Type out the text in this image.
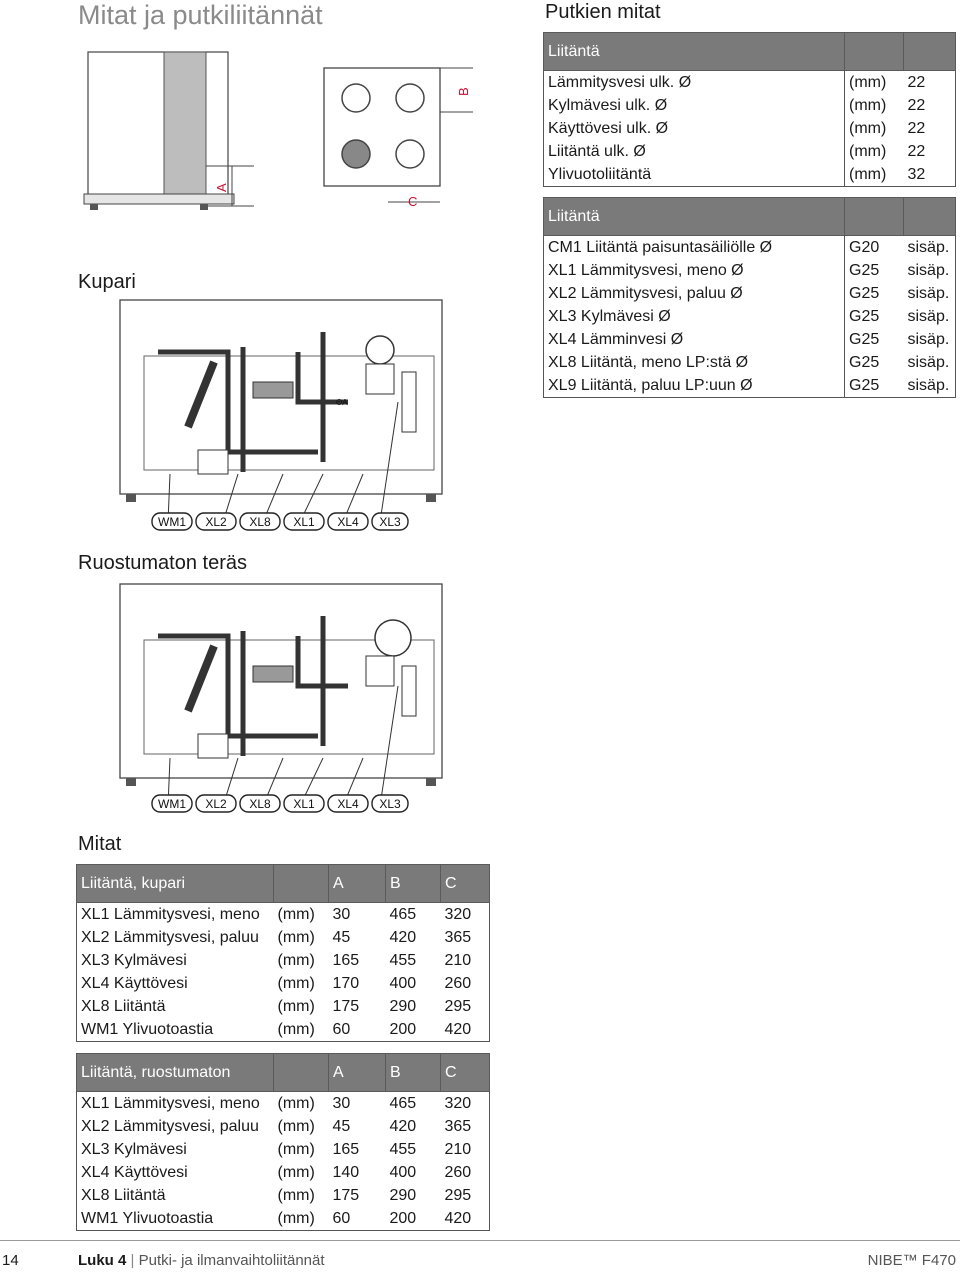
Mitat ja putkiliitännät
A
B
C
Putkien mitat
Liitäntä		
Lämmitysvesi ulk. Ø	(mm)	22
Kylmävesi ulk. Ø	(mm)	22
Käyttövesi ulk. Ø	(mm)	22
Liitäntä ulk. Ø	(mm)	22
Ylivuotoliitäntä	(mm)	32
Liitäntä		
CM1 Liitäntä paisuntasäiliölle Ø	G20	sisäp.
XL1 Lämmitysvesi, meno Ø	G25	sisäp.
XL2 Lämmitysvesi, paluu Ø	G25	sisäp.
XL3 Kylmävesi Ø	G25	sisäp.
XL4 Lämminvesi Ø	G25	sisäp.
XL8 Liitäntä, meno LP:stä Ø	G25	sisäp.
XL9 Liitäntä, paluu LP:uun Ø	G25	sisäp.
Kupari
ΘA
WM1 XL2 XL8 XL1 XL4 XL3
Ruostumaton teräs
WM1 XL2 XL8 XL1 XL4 XL3
Mitat
Liitäntä, kupari		A	B	C
XL1 Lämmitysvesi, meno	(mm)	30	465	320
XL2 Lämmitysvesi, paluu	(mm)	45	420	365
XL3 Kylmävesi	(mm)	165	455	210
XL4 Käyttövesi	(mm)	170	400	260
XL8 Liitäntä	(mm)	175	290	295
WM1 Ylivuotoastia	(mm)	60	200	420
Liitäntä, ruostumaton		A	B	C
XL1 Lämmitysvesi, meno	(mm)	30	465	320
XL2 Lämmitysvesi, paluu	(mm)	45	420	365
XL3 Kylmävesi	(mm)	165	455	210
XL4 Käyttövesi	(mm)	140	400	260
XL8 Liitäntä	(mm)	175	290	295
WM1 Ylivuotoastia	(mm)	60	200	420
14	Luku 4 | Putki- ja ilmanvaihtoliitännät	NIBE™ F470
